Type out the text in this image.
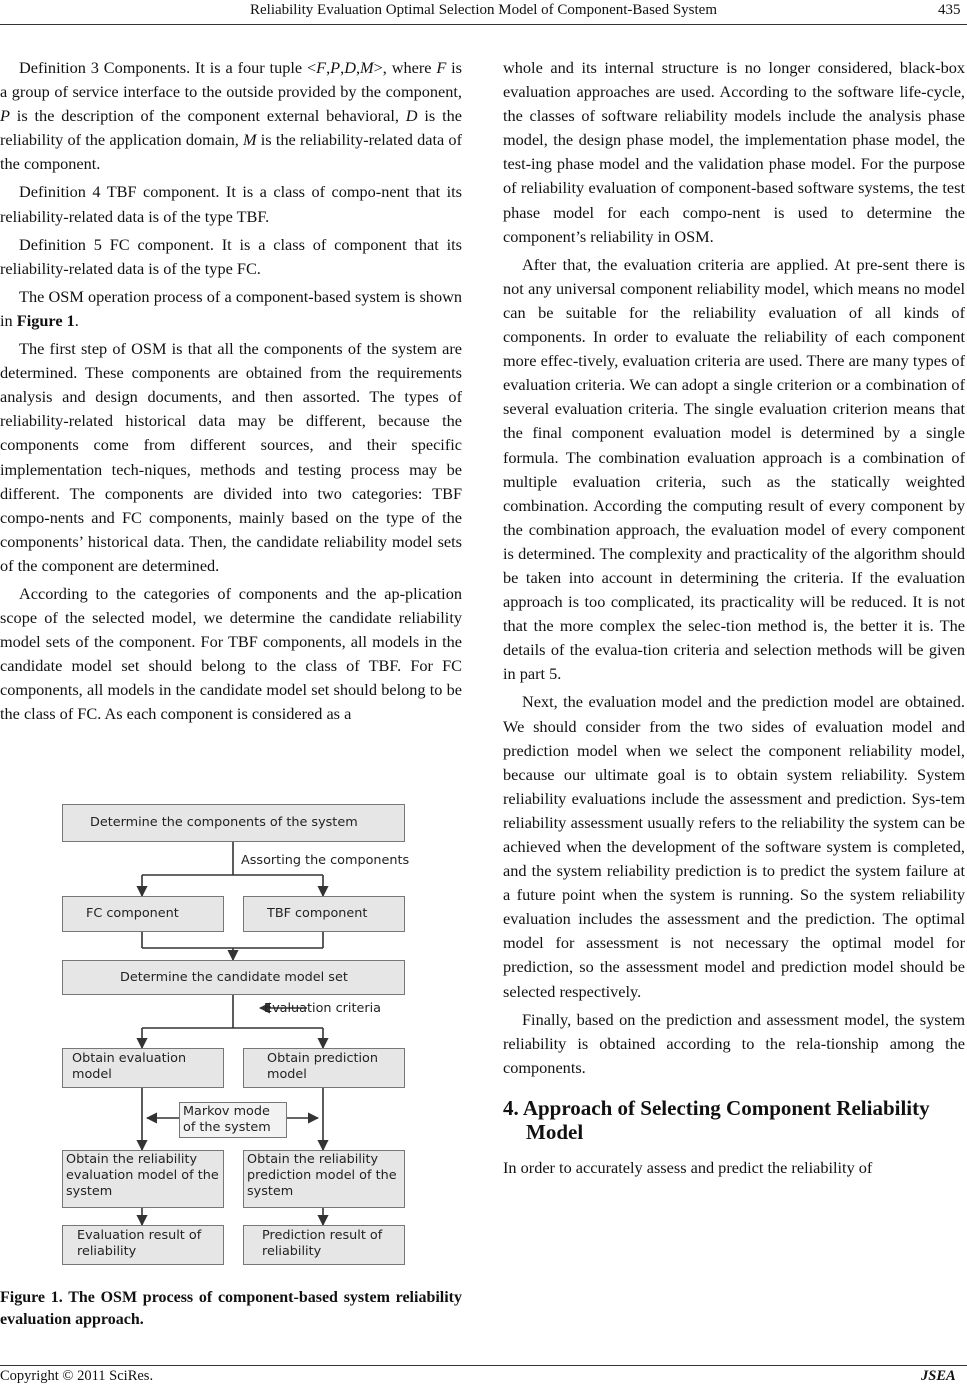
Reliability Evaluation Optimal Selection Model of Component-Based System	435

Definition 3 Components. It is a four tuple <F,P,D,M>, where F is a group of service interface to the outside provided by the component, P is the description of the component external behavioral, D is the reliability of the application domain, M is the reliability-related data of the component.

Definition 4 TBF component. It is a class of compo-nent that its reliability-related data is of the type TBF.

Definition 5 FC component. It is a class of component that its reliability-related data is of the type FC.

The OSM operation process of a component-based system is shown in Figure 1.

The first step of OSM is that all the components of the system are determined. These components are obtained from the requirements analysis and design documents, and then assorted. The types of reliability-related historical data may be different, because the components come from different sources, and their specific implementation tech-niques, methods and testing process may be different. The components are divided into two categories: TBF compo-nents and FC components, mainly based on the type of the components’ historical data. Then, the candidate reliability model sets of the component are determined.

According to the categories of components and the ap-plication scope of the selected model, we determine the candidate reliability model sets of the component. For TBF components, all models in the candidate model set should belong to the class of TBF. For FC components, all models in the candidate model set should belong to be the class of FC. As each component is considered as a

Determine the components of the system
Assorting the components
FC component	TBF component
Determine the candidate model set
Evaluation criteria
Obtain evaluation model
Obtain prediction model
Markov mode of the system
Obtain the reliability evaluation model of the system
Obtain the reliability prediction model of the system
Evaluation result of reliability
Prediction result of reliability
Figure 1. The OSM process of component-based system reliability evaluation approach.

whole and its internal structure is no longer considered, black-box evaluation approaches are used. According to the software life-cycle, the classes of software reliability models include the analysis phase model, the design phase model, the implementation phase model, the test-ing phase model and the validation phase model. For the purpose of reliability evaluation of component-based software systems, the test phase model for each compo-nent is used to determine the component’s reliability in OSM.

After that, the evaluation criteria are applied. At pre-sent there is not any universal component reliability model, which means no model can be suitable for the reliability evaluation of all kinds of components. In order to evaluate the reliability of each component more effec-tively, evaluation criteria are used. There are many types of evaluation criteria. We can adopt a single criterion or a combination of several evaluation criteria. The single evaluation criterion means that the final component evaluation model is determined by a single formula. The combination evaluation approach is a combination of multiple evaluation criteria, such as the statically weighted combination. According the computing result of every component by the combination approach, the evaluation model of every component is determined. The complexity and practicality of the algorithm should be taken into account in determining the criteria. If the evaluation approach is too complicated, its practicality will be reduced. It is not that the more complex the selec-tion method is, the better it is. The details of the evalua-tion criteria and selection methods will be given in part 5.

Next, the evaluation model and the prediction model are obtained. We should consider from the two sides of evaluation model and prediction model when we select the component reliability model, because our ultimate goal is to obtain system reliability. System reliability evaluations include the assessment and prediction. Sys-tem reliability assessment usually refers to the reliability the system can be achieved when the development of the software system is completed, and the system reliability prediction is to predict the system failure at a future point when the system is running. So the system reliability evaluation includes the assessment and the prediction. The optimal model for assessment is not necessary the optimal model for prediction, so the assessment model and prediction model should be selected respectively.

Finally, based on the prediction and assessment model, the system reliability is obtained according to the rela-tionship among the components.

4. Approach of Selecting Component Reliability Model

In order to accurately assess and predict the reliability of

Copyright © 2011 SciRes.	JSEA
